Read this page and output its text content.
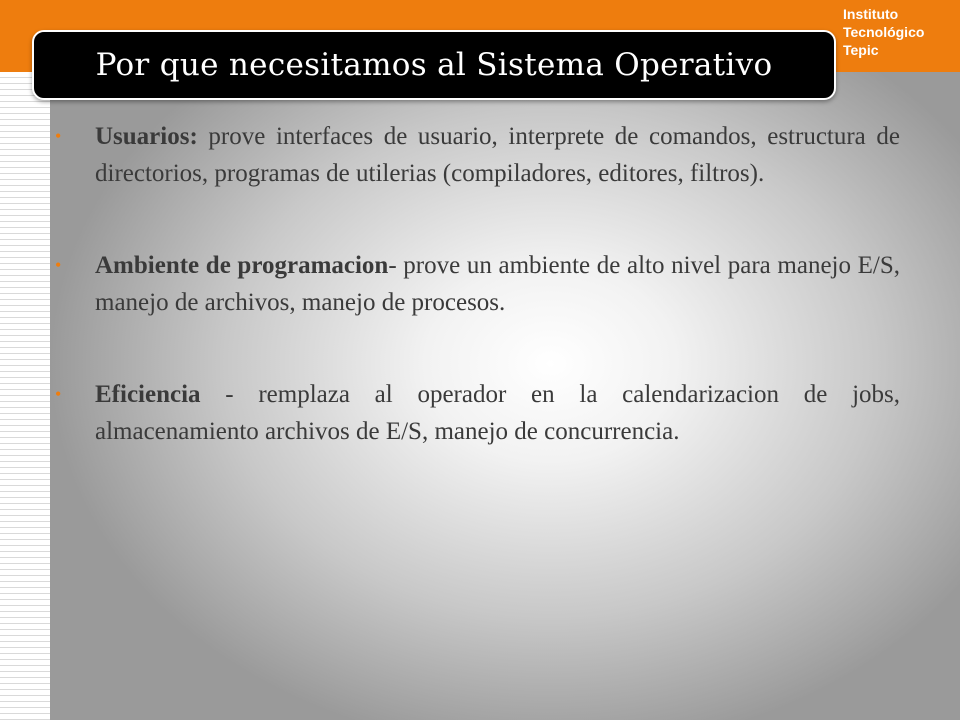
Instituto
Tecnológico
Tepic
Por que necesitamos al Sistema Operativo
• Usuarios: prove interfaces de usuario, interprete de comandos, estructura de directorios, programas de utilerias (compiladores, editores, filtros).
• Ambiente de programacion- prove un ambiente de alto nivel para manejo E/S, manejo de archivos, manejo de procesos.
• Eficiencia - remplaza al operador en la calendarizacion de jobs, almacenamiento archivos de E/S, manejo de concurrencia.
